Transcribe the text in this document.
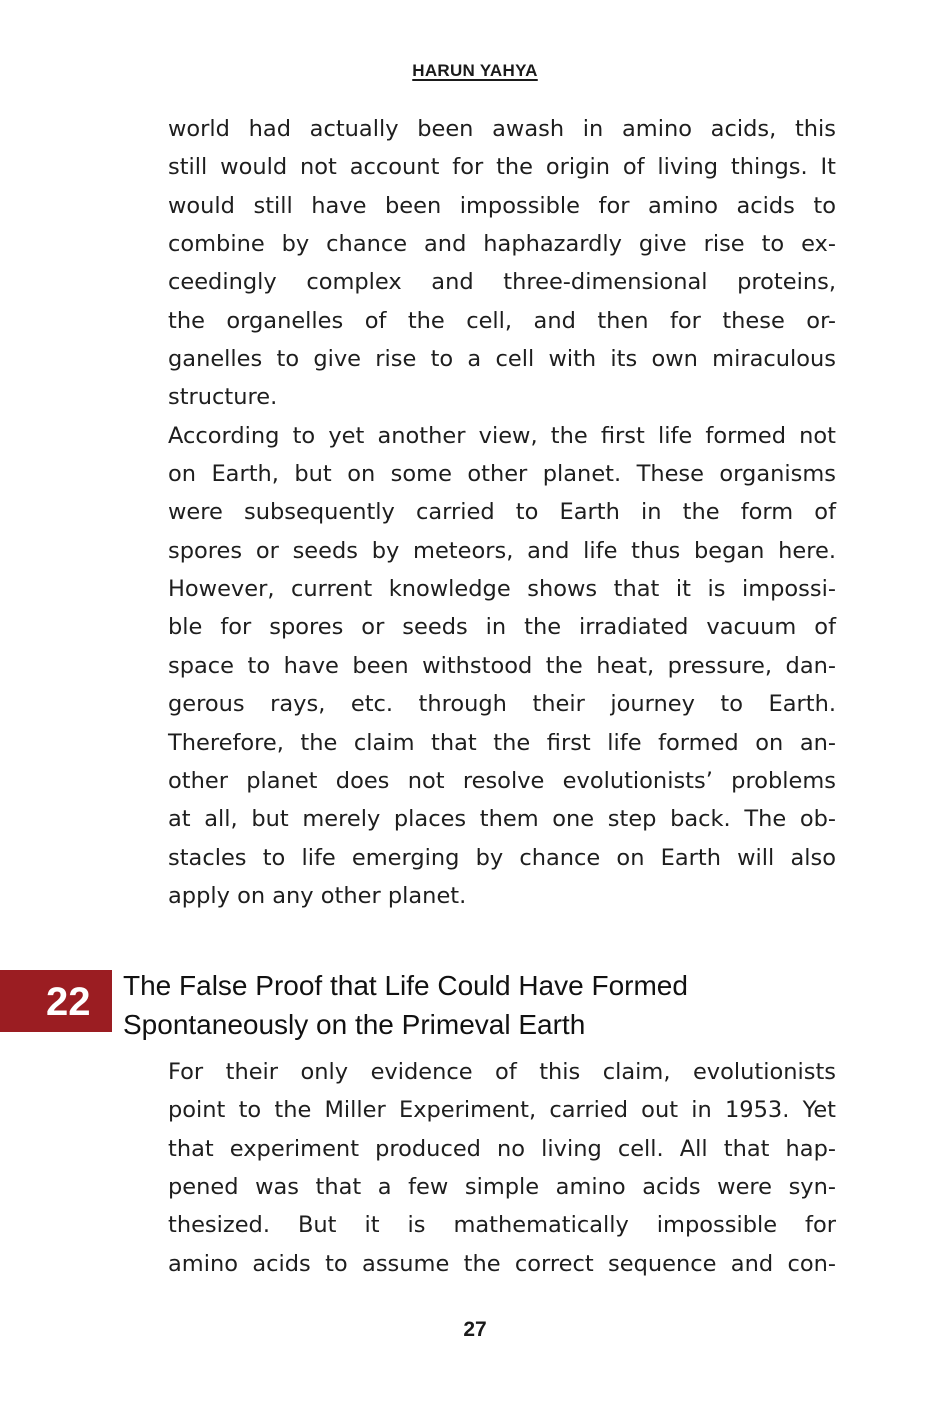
HARUN YAHYA
world had actually been awash in amino acids, this
still would not account for the origin of living things. It
would still have been impossible for amino acids to
combine by chance and haphazardly give rise to ex-
ceedingly complex and three-dimensional proteins,
the organelles of the cell, and then for these or-
ganelles to give rise to a cell with its own miraculous
structure.
According to yet another view, the first life formed not
on Earth, but on some other planet. These organisms
were subsequently carried to Earth in the form of
spores or seeds by meteors, and life thus began here.
However, current knowledge shows that it is impossi-
ble for spores or seeds in the irradiated vacuum of
space to have been withstood the heat, pressure, dan-
gerous rays, etc. through their journey to Earth.
Therefore, the claim that the first life formed on an-
other planet does not resolve evolutionists’ problems
at all, but merely places them one step back. The ob-
stacles to life emerging by chance on Earth will also
apply on any other planet.
22 The False Proof that Life Could Have Formed
Spontaneously on the Primeval Earth
For their only evidence of this claim, evolutionists
point to the Miller Experiment, carried out in 1953. Yet
that experiment produced no living cell. All that hap-
pened was that a few simple amino acids were syn-
thesized. But it is mathematically impossible for
amino acids to assume the correct sequence and con-
27
